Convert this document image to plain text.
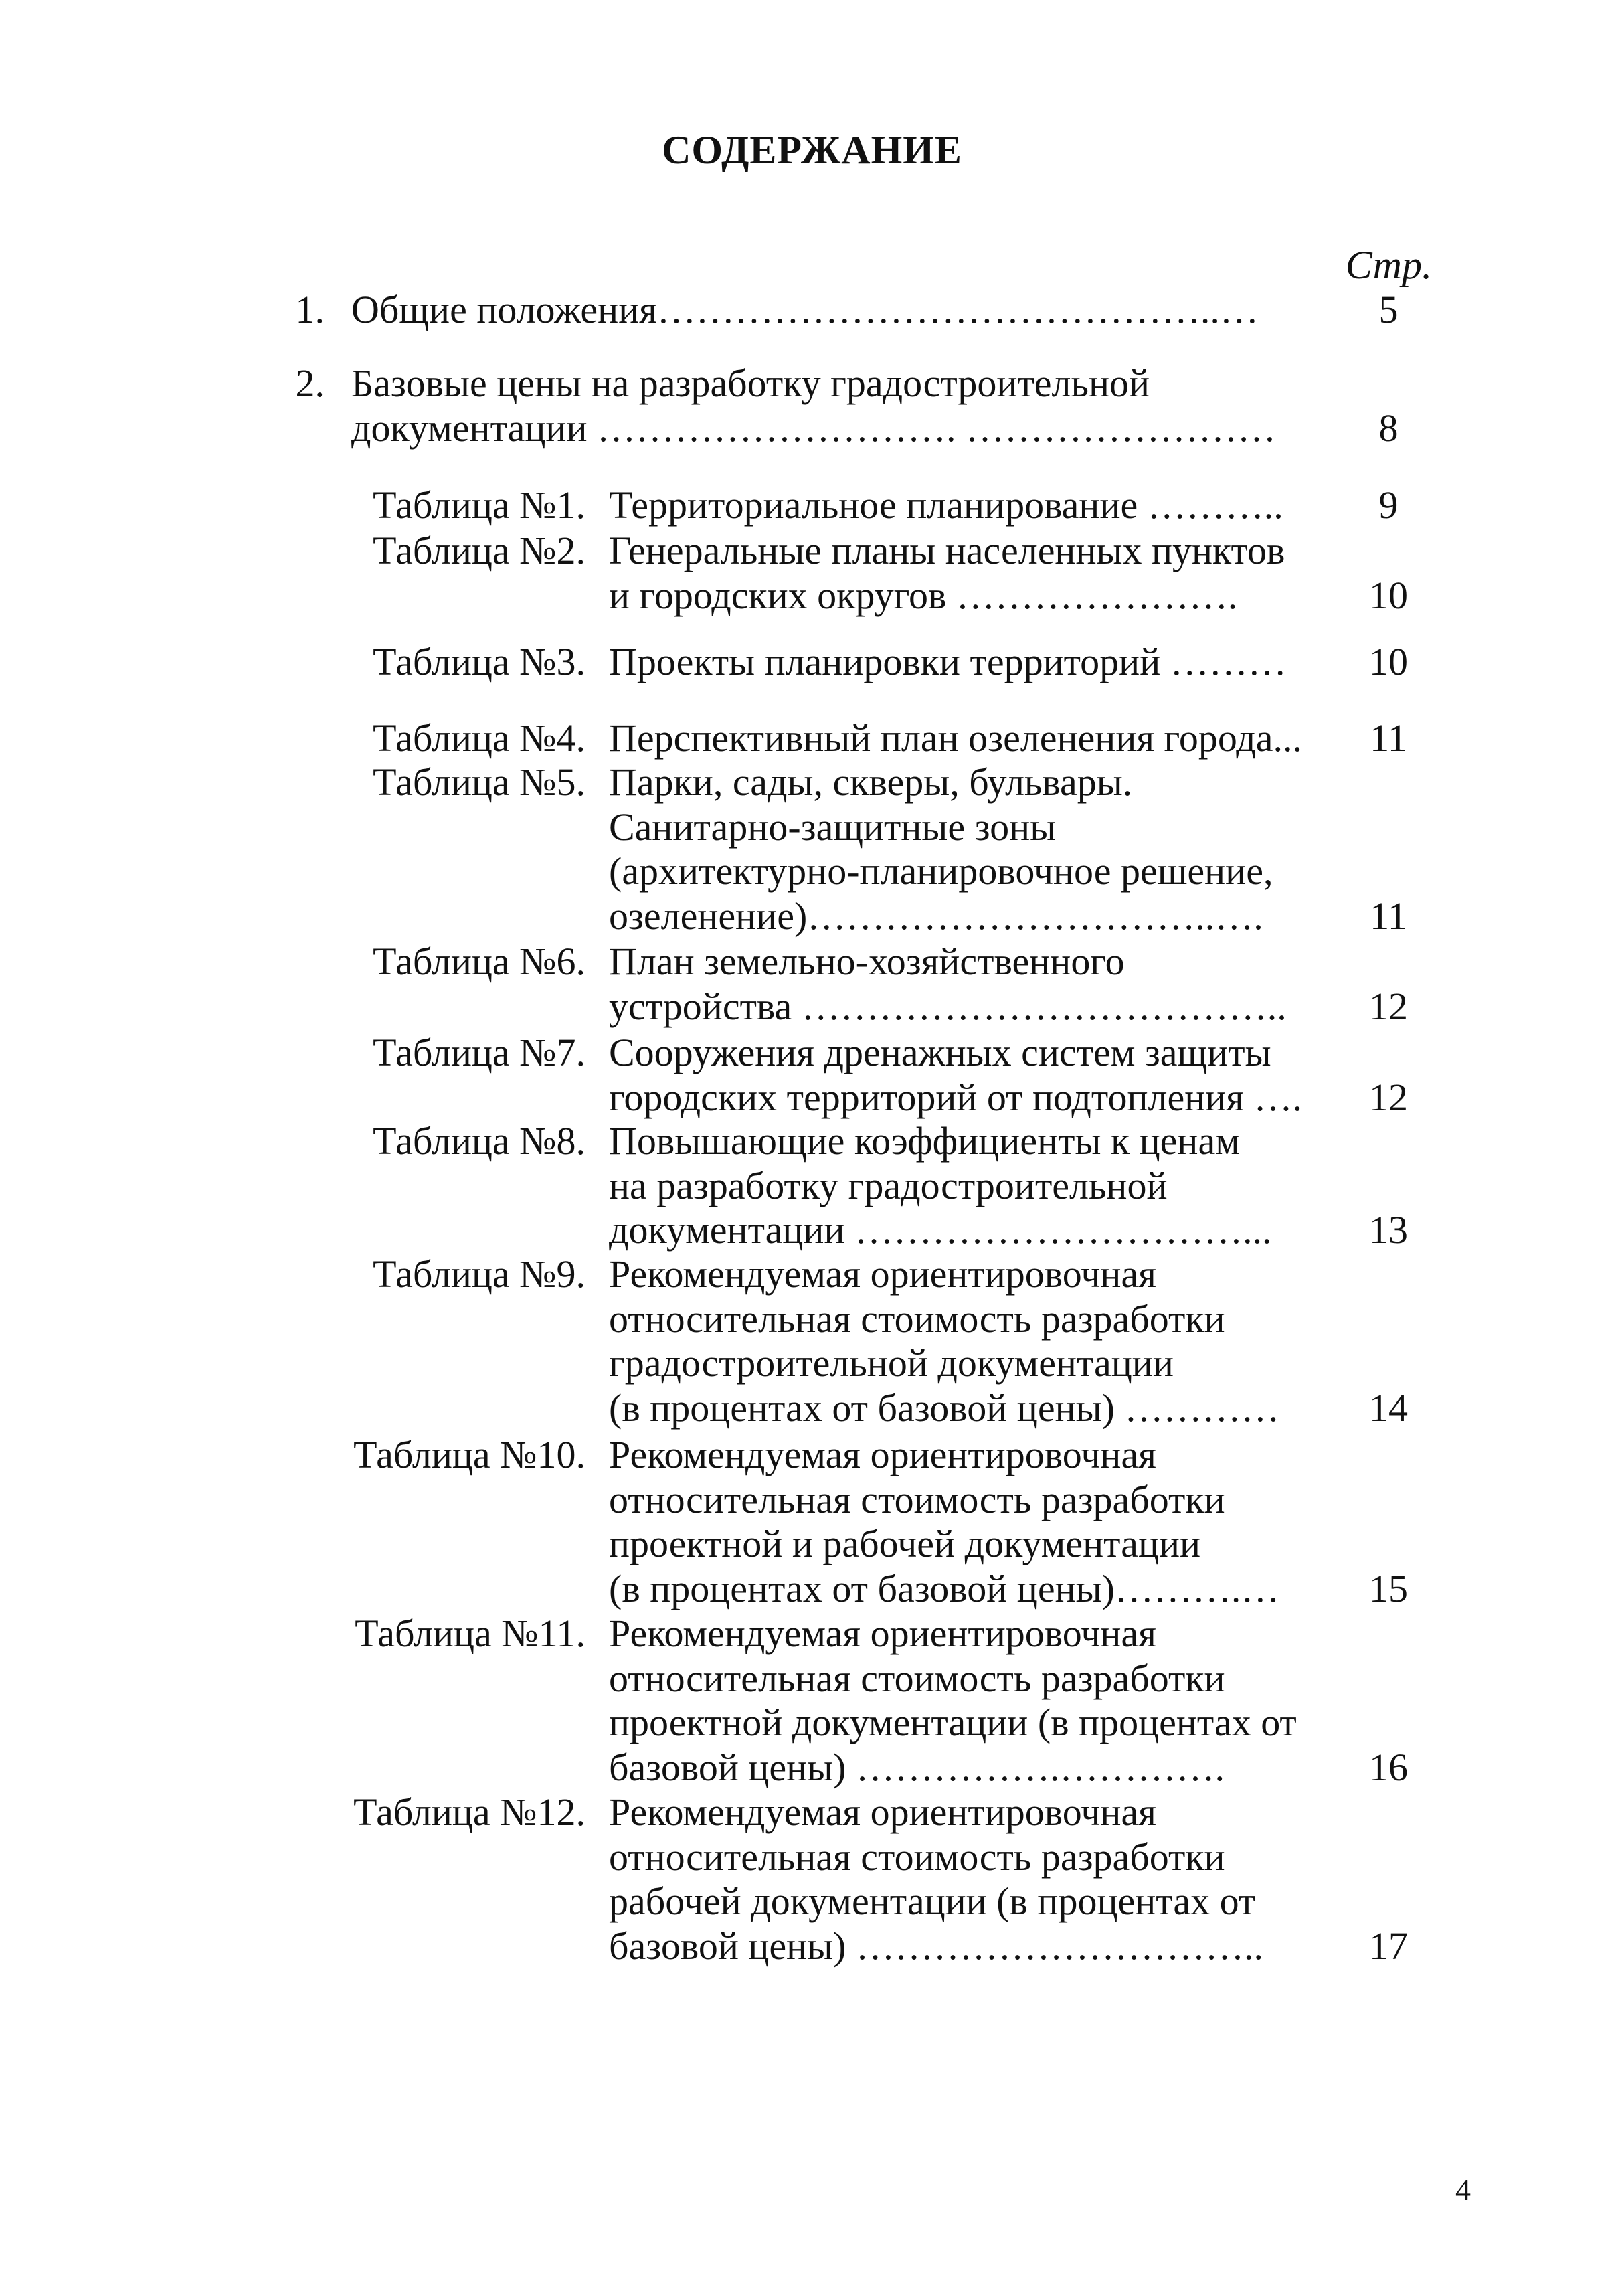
СОДЕРЖАНИЕ
Стр.
1. Общие положения……………………………………..…	5
2. Базовые цены на разработку градостроительной
документации ………………………. ……………………	8
Таблица №1. Территориальное планирование ………..	9
Таблица №2. Генеральные планы населенных пунктов
и городских округов ………………….	10
Таблица №3. Проекты планировки территорий ………	10
Таблица №4. Перспективный план озеленения города...	11
Таблица №5. Парки, сады, скверы, бульвары.
Санитарно-защитные зоны
(архитектурно-планировочное решение,
озеленение)…………………………..….	11
Таблица №6. План земельно-хозяйственного
устройства ………………………………..	12
Таблица №7. Сооружения дренажных систем защиты
городских территорий от подтопления ….	12
Таблица №8. Повышающие коэффициенты к ценам
на разработку градостроительной
документации …………………………...	13
Таблица №9. Рекомендуемая ориентировочная
относительная стоимость разработки
градостроительной документации
(в процентах от базовой цены) …………	14
Таблица №10. Рекомендуемая ориентировочная
относительная стоимость разработки
проектной и рабочей документации
(в процентах от базовой цены)……….…	15
Таблица №11. Рекомендуемая ориентировочная
относительная стоимость разработки
проектной документации (в процентах от
базовой цены) …………….………….	16
Таблица №12. Рекомендуемая ориентировочная
относительная стоимость разработки
рабочей документации (в процентах от
базовой цены) …………………………..	17
4
